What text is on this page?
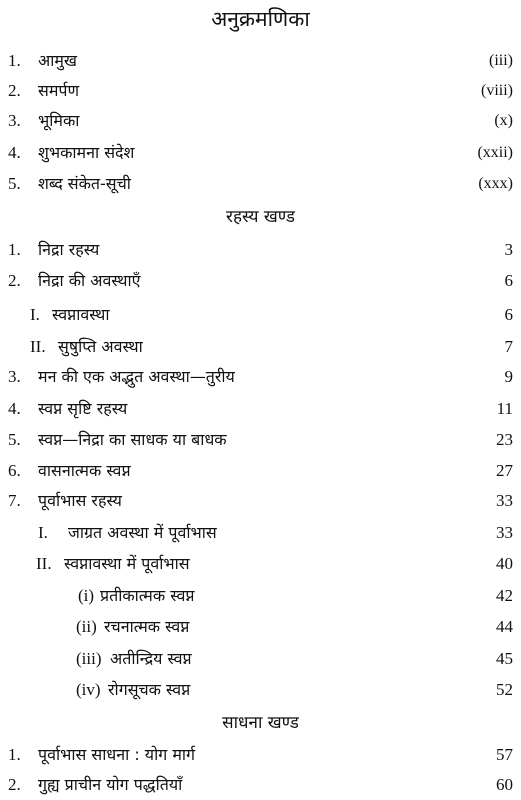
अनुक्रमणिका
1. आमुख	(iii)
2. समर्पण	(viii)
3. भूमिका	(x)
4. शुभकामना संदेश	(xxii)
5. शब्द संकेत-सूची	(xxx)
रहस्य खण्ड
1. निद्रा रहस्य	3
2. निद्रा की अवस्थाएँ	6
I. स्वप्नावस्था	6
II. सुषुप्ति अवस्था	7
3. मन की एक अद्भुत अवस्था—तुरीय	9
4. स्वप्न सृष्टि रहस्य	11
5. स्वप्न—निद्रा का साधक या बाधक	23
6. वासनात्मक स्वप्न	27
7. पूर्वाभास रहस्य	33
I. जाग्रत अवस्था में पूर्वाभास	33
II. स्वप्नावस्था में पूर्वाभास	40
(i) प्रतीकात्मक स्वप्न	42
(ii) रचनात्मक स्वप्न	44
(iii) अतीन्द्रिय स्वप्न	45
(iv) रोगसूचक स्वप्न	52
साधना खण्ड
1. पूर्वाभास साधना : योग मार्ग	57
2. गुह्य प्राचीन योग पद्धतियाँ	60
